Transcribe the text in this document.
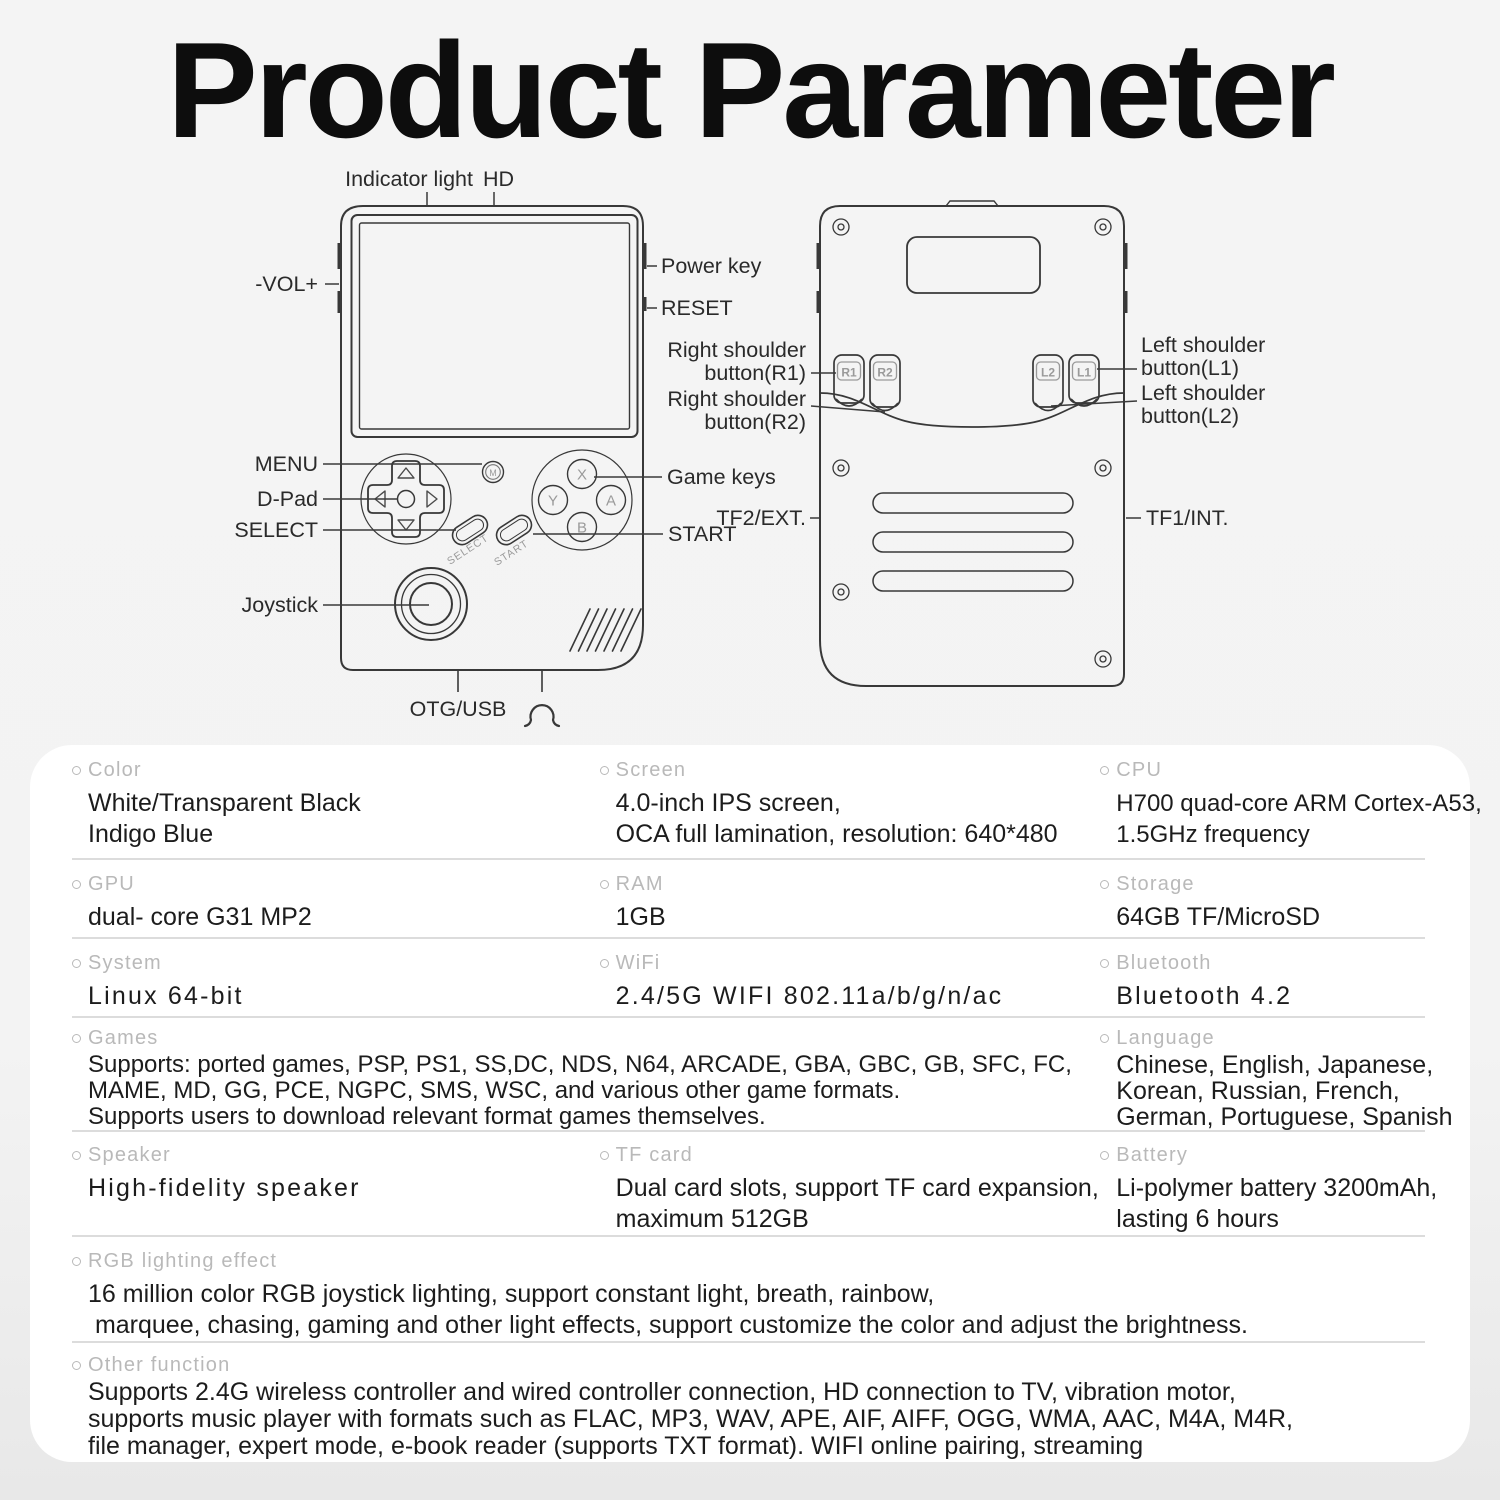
Product Parameter
M	X
Y	A
B
SELECT START
Indicator light HD
-VOL+
Power key
RESET
MENU
D-Pad
SELECT
Joystick
Game keys
START
OTG/USB
R1 R2	L2 L1
Right shoulder
button(R1)
Right shoulder
button(R2)
Left shoulder
button(L1)
Left shoulder
button(L2)
TF2/EXT.	TF1/INT.
Color
White/Transparent Black
Indigo Blue
Screen
4.0-inch IPS screen,
OCA full lamination, resolution: 640*480
CPU
H700 quad-core ARM Cortex-A53,
1.5GHz frequency
GPU
dual- core G31 MP2
RAM
1GB
Storage
64GB TF/MicroSD
System
Linux 64-bit
WiFi
2.4/5G WIFI 802.11a/b/g/n/ac
Bluetooth
Bluetooth 4.2
Games
Supports: ported games, PSP, PS1, SS,DC, NDS, N64, ARCADE, GBA, GBC, GB, SFC, FC,
MAME, MD, GG, PCE, NGPC, SMS, WSC, and various other game formats.
Supports users to download relevant format games themselves.
Language
Chinese, English, Japanese,
Korean, Russian, French,
German, Portuguese, Spanish
Speaker
High-fidelity speaker
TF card
Dual card slots, support TF card expansion,
maximum 512GB
Battery
Li-polymer battery 3200mAh,
lasting 6 hours
RGB lighting effect
16 million color RGB joystick lighting, support constant light, breath, rainbow,
marquee, chasing, gaming and other light effects, support customize the color and adjust the brightness.
Other function
Supports 2.4G wireless controller and wired controller connection, HD connection to TV, vibration motor,
supports music player with formats such as FLAC, MP3, WAV, APE, AIF, AIFF, OGG, WMA, AAC, M4A, M4R,
file manager, expert mode, e-book reader (supports TXT format). WIFI online pairing, streaming
